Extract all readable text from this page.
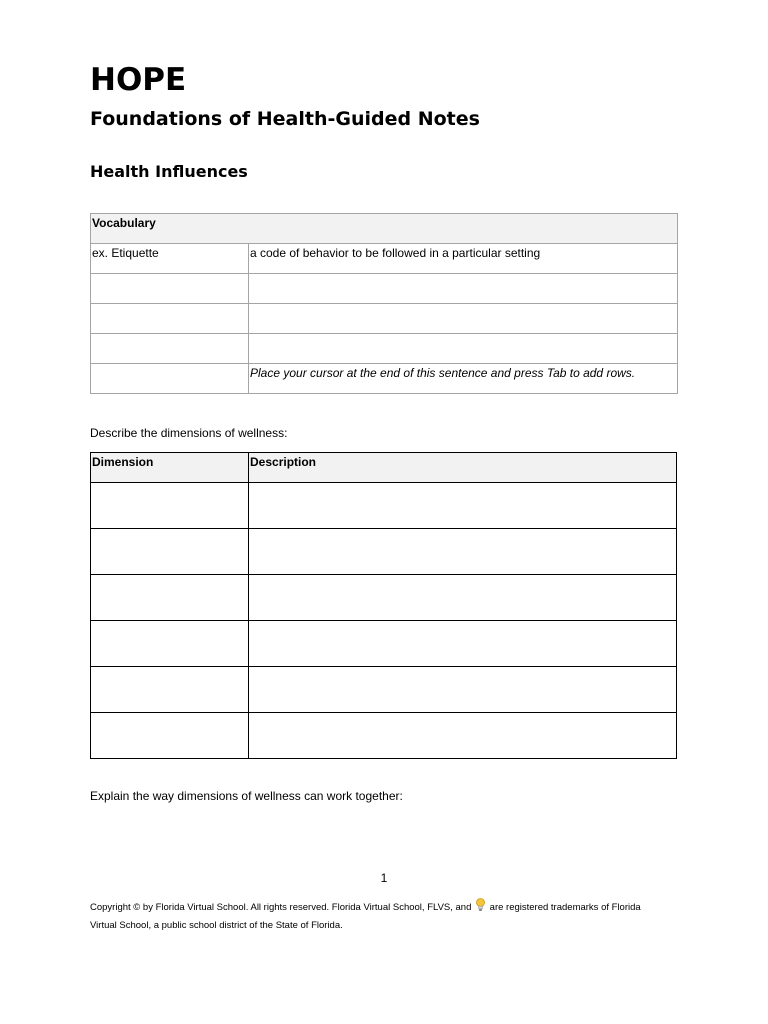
HOPE
Foundations of Health-Guided Notes
Health Influences
Vocabulary	
ex. Etiquette	a code of behavior to be followed in a particular setting

	Place your cursor at the end of this sentence and press Tab to add rows.

Describe the dimensions of wellness:

Dimension	Description

Explain the way dimensions of wellness can work together:

1
Copyright © by Florida Virtual School. All rights reserved. Florida Virtual School, FLVS, and are registered trademarks of Florida Virtual School, a public school district of the State of Florida.
